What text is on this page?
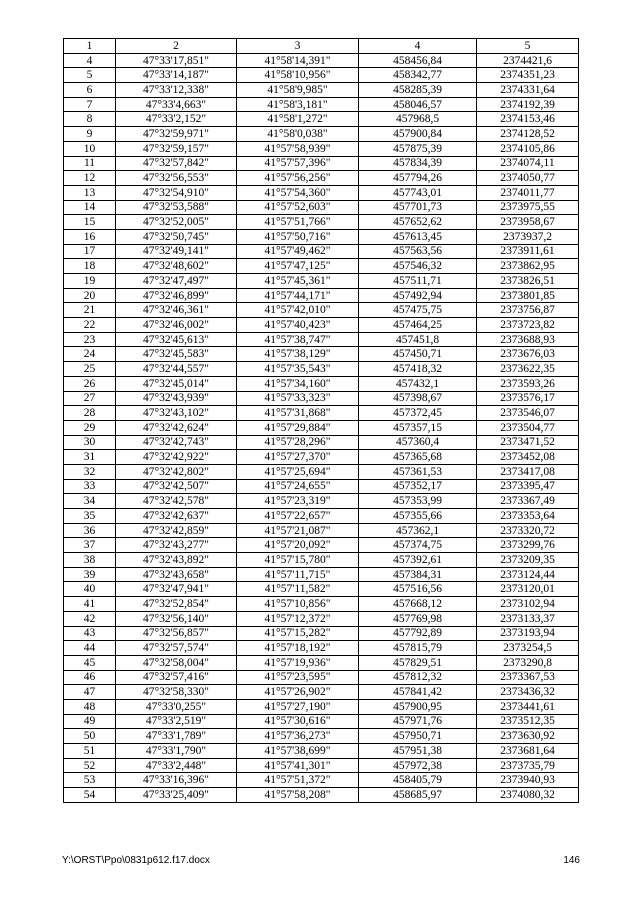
1	2	3	4	5
4	47°33'17,851"	41°58'14,391"	458456,84	2374421,6
5	47°33'14,187"	41°58'10,956"	458342,77	2374351,23
6	47°33'12,338"	41°58'9,985"	458285,39	2374331,64
7	47°33'4,663"	41°58'3,181"	458046,57	2374192,39
8	47°33'2,152"	41°58'1,272"	457968,5	2374153,46
9	47°32'59,971"	41°58'0,038"	457900,84	2374128,52
10	47°32'59,157"	41°57'58,939"	457875,39	2374105,86
11	47°32'57,842"	41°57'57,396"	457834,39	2374074,11
12	47°32'56,553"	41°57'56,256"	457794,26	2374050,77
13	47°32'54,910"	41°57'54,360"	457743,01	2374011,77
14	47°32'53,588"	41°57'52,603"	457701,73	2373975,55
15	47°32'52,005"	41°57'51,766"	457652,62	2373958,67
16	47°32'50,745"	41°57'50,716"	457613,45	2373937,2
17	47°32'49,141"	41°57'49,462"	457563,56	2373911,61
18	47°32'48,602"	41°57'47,125"	457546,32	2373862,95
19	47°32'47,497"	41°57'45,361"	457511,71	2373826,51
20	47°32'46,899"	41°57'44,171"	457492,94	2373801,85
21	47°32'46,361"	41°57'42,010"	457475,75	2373756,87
22	47°32'46,002"	41°57'40,423"	457464,25	2373723,82
23	47°32'45,613"	41°57'38,747"	457451,8	2373688,93
24	47°32'45,583"	41°57'38,129"	457450,71	2373676,03
25	47°32'44,557"	41°57'35,543"	457418,32	2373622,35
26	47°32'45,014"	41°57'34,160"	457432,1	2373593,26
27	47°32'43,939"	41°57'33,323"	457398,67	2373576,17
28	47°32'43,102"	41°57'31,868"	457372,45	2373546,07
29	47°32'42,624"	41°57'29,884"	457357,15	2373504,77
30	47°32'42,743"	41°57'28,296"	457360,4	2373471,52
31	47°32'42,922"	41°57'27,370"	457365,68	2373452,08
32	47°32'42,802"	41°57'25,694"	457361,53	2373417,08
33	47°32'42,507"	41°57'24,655"	457352,17	2373395,47
34	47°32'42,578"	41°57'23,319"	457353,99	2373367,49
35	47°32'42,637"	41°57'22,657"	457355,66	2373353,64
36	47°32'42,859"	41°57'21,087"	457362,1	2373320,72
37	47°32'43,277"	41°57'20,092"	457374,75	2373299,76
38	47°32'43,892"	41°57'15,780"	457392,61	2373209,35
39	47°32'43,658"	41°57'11,715"	457384,31	2373124,44
40	47°32'47,941"	41°57'11,582"	457516,56	2373120,01
41	47°32'52,854"	41°57'10,856"	457668,12	2373102,94
42	47°32'56,140"	41°57'12,372"	457769,98	2373133,37
43	47°32'56,857"	41°57'15,282"	457792,89	2373193,94
44	47°32'57,574"	41°57'18,192"	457815,79	2373254,5
45	47°32'58,004"	41°57'19,936"	457829,51	2373290,8
46	47°32'57,416"	41°57'23,595"	457812,32	2373367,53
47	47°32'58,330"	41°57'26,902"	457841,42	2373436,32
48	47°33'0,255"	41°57'27,190"	457900,95	2373441,61
49	47°33'2,519"	41°57'30,616"	457971,76	2373512,35
50	47°33'1,789"	41°57'36,273"	457950,71	2373630,92
51	47°33'1,790"	41°57'38,699"	457951,38	2373681,64
52	47°33'2,448"	41°57'41,301"	457972,38	2373735,79
53	47°33'16,396"	41°57'51,372"	458405,79	2373940,93
54	47°33'25,409"	41°57'58,208"	458685,97	2374080,32
Y:\ORST\Ppo\0831p612.f17.docx	146
